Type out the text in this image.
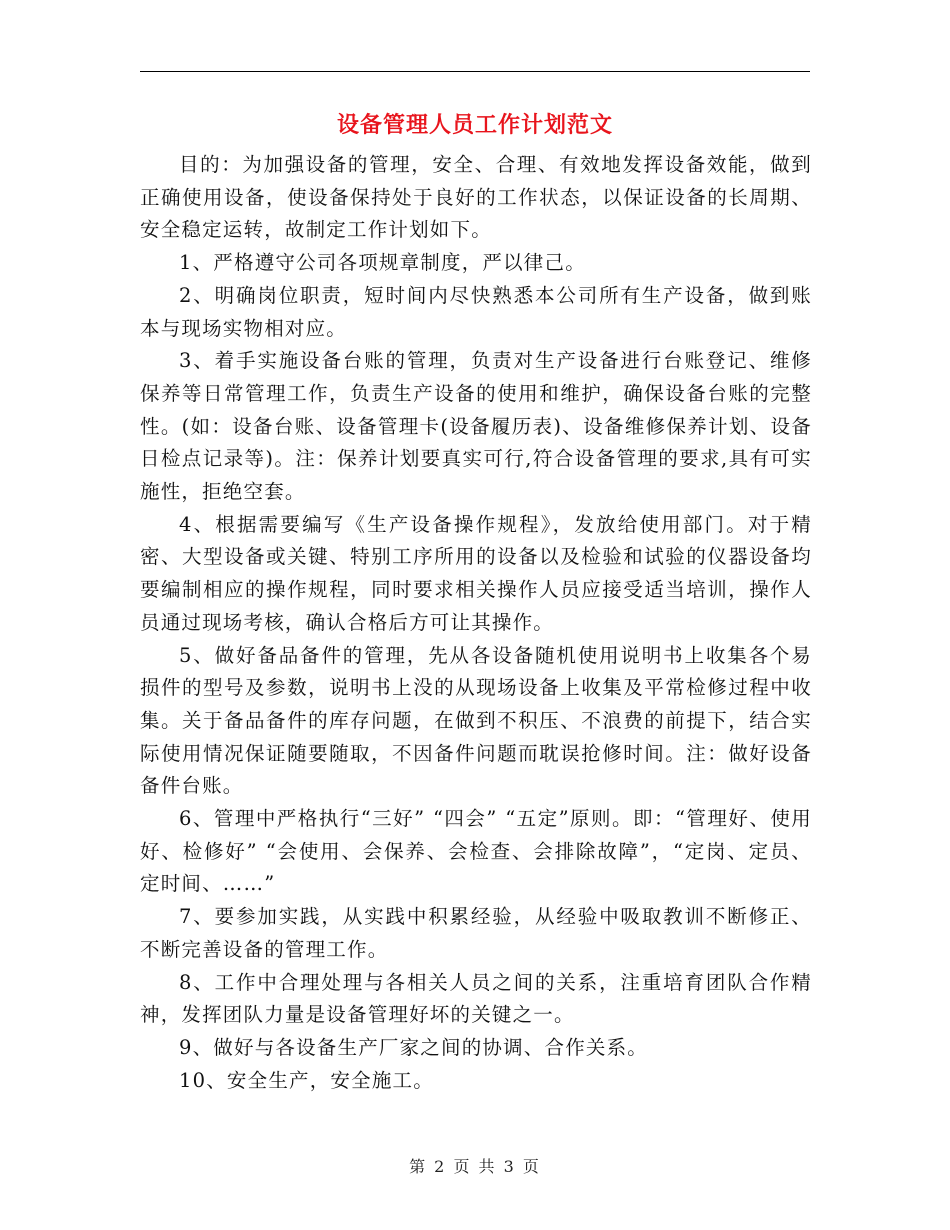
设备管理人员工作计划范文

目的：为加强设备的管理，安全、合理、有效地发挥设备效能，做到正确使用设备，使设备保持处于良好的工作状态，以保证设备的长周期、安全稳定运转，故制定工作计划如下。

1、严格遵守公司各项规章制度，严以律己。

2、明确岗位职责，短时间内尽快熟悉本公司所有生产设备，做到账本与现场实物相对应。

3、着手实施设备台账的管理，负责对生产设备进行台账登记、维修保养等日常管理工作，负责生产设备的使用和维护，确保设备台账的完整性。(如：设备台账、设备管理卡(设备履历表)、设备维修保养计划、设备日检点记录等)。注：保养计划要真实可行,符合设备管理的要求,具有可实施性，拒绝空套。

4、根据需要编写《生产设备操作规程》，发放给使用部门。对于精密、大型设备或关键、特别工序所用的设备以及检验和试验的仪器设备均要编制相应的操作规程，同时要求相关操作人员应接受适当培训，操作人员通过现场考核，确认合格后方可让其操作。

5、做好备品备件的管理，先从各设备随机使用说明书上收集各个易损件的型号及参数，说明书上没的从现场设备上收集及平常检修过程中收集。关于备品备件的库存问题，在做到不积压、不浪费的前提下，结合实际使用情况保证随要随取，不因备件问题而耽误抢修时间。注：做好设备备件台账。

6、管理中严格执行“三好” “四会” “五定”原则。即：“管理好、使用好、检修好” “会使用、会保养、会检查、会排除故障”，“定岗、定员、定时间、……”

7、要参加实践，从实践中积累经验，从经验中吸取教训不断修正、不断完善设备的管理工作。

8、工作中合理处理与各相关人员之间的关系，注重培育团队合作精神，发挥团队力量是设备管理好坏的关键之一。

9、做好与各设备生产厂家之间的协调、合作关系。

10、安全生产，安全施工。

第 2 页 共 3 页
